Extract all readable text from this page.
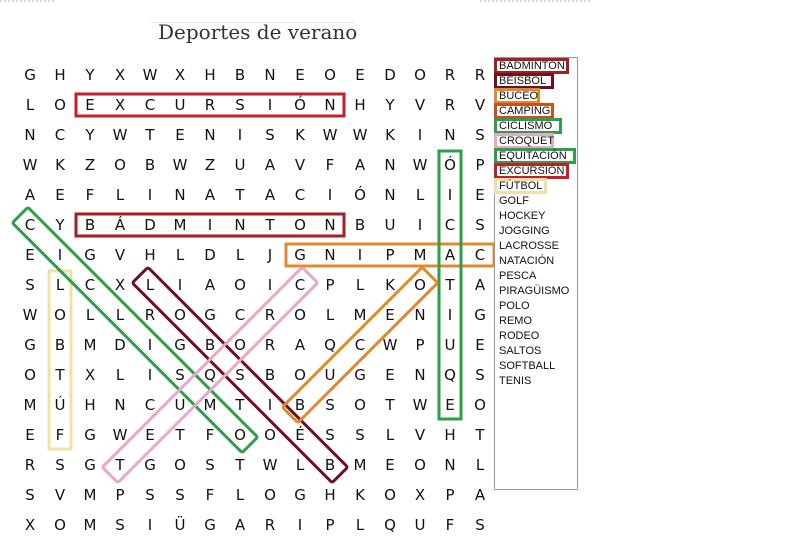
Deportes de verano
G	H	Y	X	W	X	H	B	N	E	O	E	D	O	R	R
L	O	E	X	C	U	R	S	I	Ó	N	H	Y	V	R	V
N	C	Y	W	T	E	N	I	S	K	W	W	K	I	N	S
W	K	Z	O	B	W	Z	U	A	V	F	A	N	W	Ó	P
A	E	F	L	I	N	A	T	A	C	I	Ó	N	L	I	E
C	Y	B	Á	D	M	I	N	T	O	N	B	U	I	C	S
E	I	G	V	H	L	D	L	J	G	N	I	P	M	A	C
S	L	C	X	L	I	A	O	I	C	P	L	K	O	T	A
W	O	L	L	R	O	G	C	R	O	L	M	E	N	I	G
G	B	M	D	I	G	B	O	R	A	Q	C	W	P	U	E
O	T	X	L	I	S	Q	S	B	O	U	G	E	N	Q	S
M	Ú	H	N	C	U	M	T	I	B	S	O	T	W	E	O
E	F	G	W	E	T	F	O	O	É	S	S	L	V	H	T
R	S	G	T	G	O	S	T	W	L	B	M	E	O	N	L
S	V	M	P	S	S	F	L	O	G	H	K	O	X	P	A
X	O	M	S	I	Ü	G	A	R	I	P	L	Q	U	F	S
BÁDMINTON
BÉISBOL
BUCEO
CAMPING
CICLISMO
CROQUET
EQUITACIÓN
EXCURSIÓN
FÚTBOL
GOLF
HOCKEY
JOGGING
LACROSSE
NATACIÓN
PESCA
PIRAGÜISMO
POLO
REMO
RODEO
SALTOS
SOFTBALL
TENIS
